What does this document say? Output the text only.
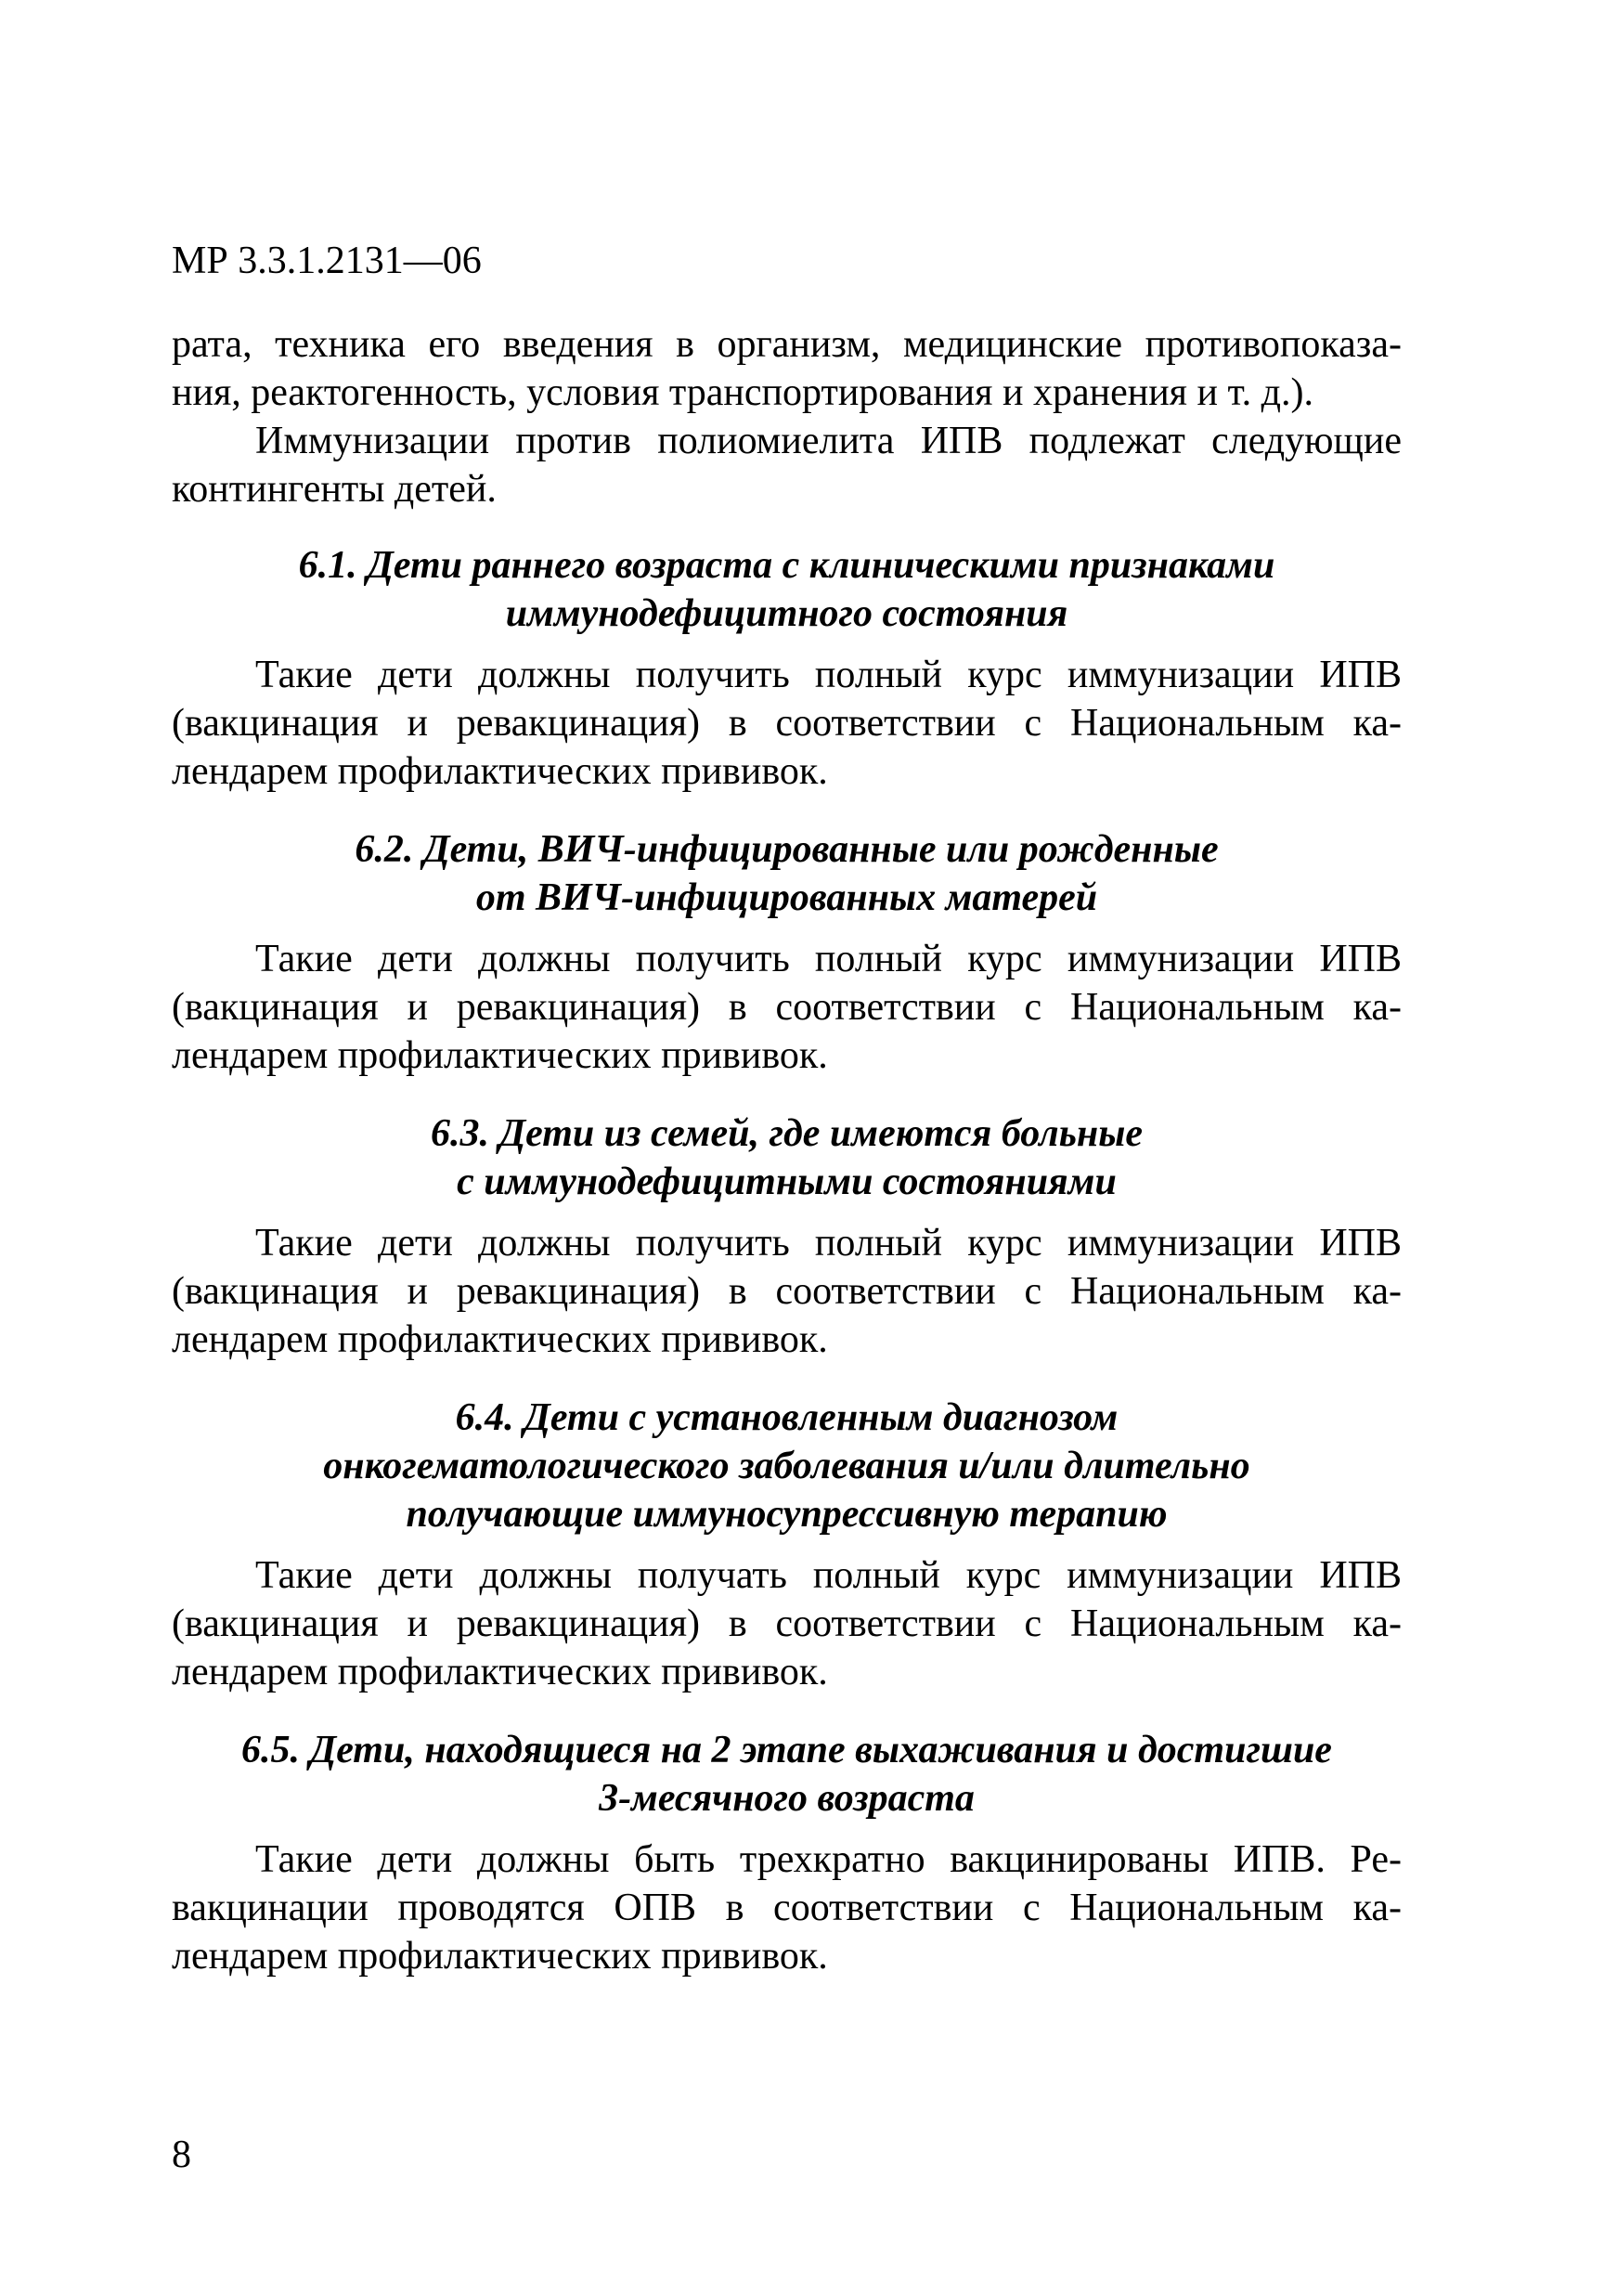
МР 3.3.1.2131—06

рата, техника его введения в организм, медицинские противопоказа-
ния, реактогенность, условия транспортирования и хранения и т. д.).

Иммунизации против полиомиелита ИПВ подлежат следующие
контингенты детей.

6.1. Дети раннего возраста с клиническими признаками
иммунодефицитного состояния

Такие дети должны получить полный курс иммунизации ИПВ
(вакцинация и ревакцинация) в соответствии с Национальным ка-
лендарем профилактических прививок.

6.2. Дети, ВИЧ-инфицированные или рожденные
от ВИЧ-инфицированных матерей

Такие дети должны получить полный курс иммунизации ИПВ
(вакцинация и ревакцинация) в соответствии с Национальным ка-
лендарем профилактических прививок.

6.3. Дети из семей, где имеются больные
с иммунодефицитными состояниями

Такие дети должны получить полный курс иммунизации ИПВ
(вакцинация и ревакцинация) в соответствии с Национальным ка-
лендарем профилактических прививок.

6.4. Дети с установленным диагнозом
онкогематологического заболевания и/или длительно
получающие иммуносупрессивную терапию

Такие дети должны получать полный курс иммунизации ИПВ
(вакцинация и ревакцинация) в соответствии с Национальным ка-
лендарем профилактических прививок.

6.5. Дети, находящиеся на 2 этапе выхаживания и достигшие
3-месячного возраста

Такие дети должны быть трехкратно вакцинированы ИПВ. Ре-
вакцинации проводятся ОПВ в соответствии с Национальным ка-
лендарем профилактических прививок.

8
